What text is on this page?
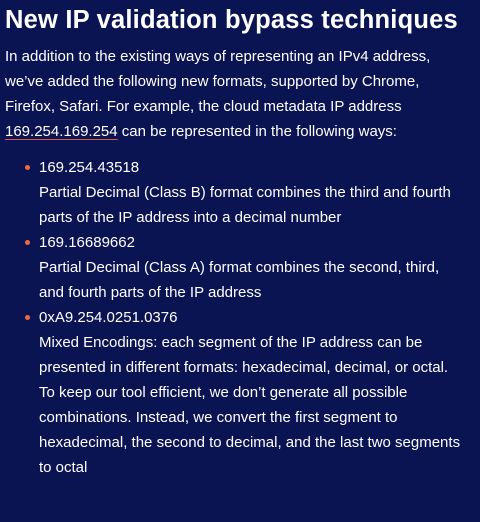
New IP validation bypass techniques

In addition to the existing ways of representing an IPv4 address, we’ve added the following new formats, supported by Chrome, Firefox, Safari. For example, the cloud metadata IP address 169.254.169.254 can be represented in the following ways:

169.254.43518
Partial Decimal (Class B) format combines the third and fourth parts of the IP address into a decimal number
169.16689662
Partial Decimal (Class A) format combines the second, third, and fourth parts of the IP address
0xA9.254.0251.0376
Mixed Encodings: each segment of the IP address can be presented in different formats: hexadecimal, decimal, or octal. To keep our tool efficient, we don’t generate all possible combinations. Instead, we convert the first segment to hexadecimal, the second to decimal, and the last two segments to octal
